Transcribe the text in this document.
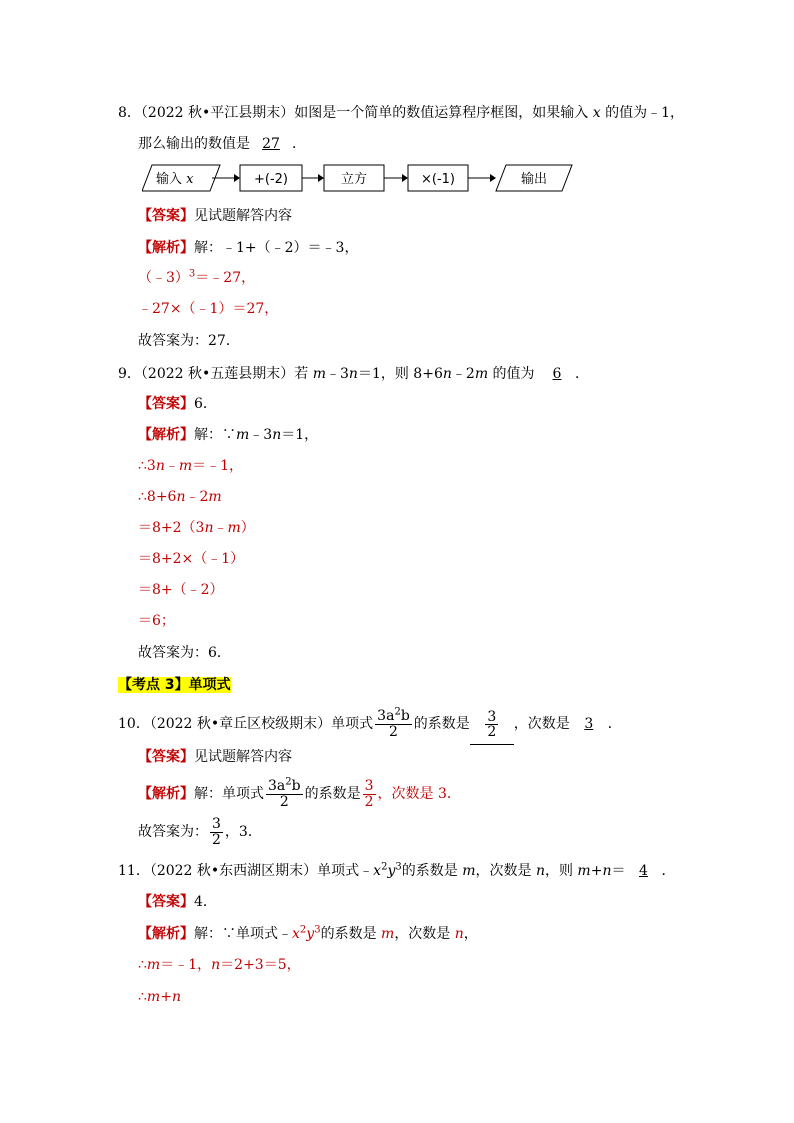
8．（2022 秋•平江县期末）如图是一个简单的数值运算程序框图，如果输入 x 的值为﹣1，
那么输出的数值是 27 ．
输入 x	+(-2)	立方	×(-1)	输出
【答案】见试题解答内容
【解析】解：﹣1+（﹣2）＝﹣3，
（﹣3）$^3$＝﹣27，
﹣27×（﹣1）＝27，
故答案为：27．
9．（2022 秋•五莲县期末）若 m﹣3n＝1，则 8+6n﹣2m 的值为 6 ．
【答案】6．
【解析】解：∵m﹣3n＝1，
∴3n﹣m＝﹣1，
∴8+6n﹣2m
＝8+2（3n﹣m）
＝8+2×（﹣1）
＝8+（﹣2）
＝6；
故答案为：6．
【考点 3】单项式
10．（2022 秋•章丘区校级期末）单项式 $\frac{3a^2b}{2}$ 的系数是 $\frac{3}{2}$ ，次数是 3 ．
【答案】见试题解答内容
【解析】解：单项式 $\frac{3a^2b}{2}$ 的系数是 $\frac{3}{2}$ ，次数是 3．
故答案为： $\frac{3}{2}$ ，3．
11．（2022 秋•东西湖区期末）单项式$﹣x^2y^3$的系数是 m，次数是 n，则 m+n＝ 4 ．
【答案】4．
【解析】解：∵单项式$﹣x^2y^3$的系数是 m，次数是 n，
∴m＝﹣1，n＝2+3＝5，
∴m+n
